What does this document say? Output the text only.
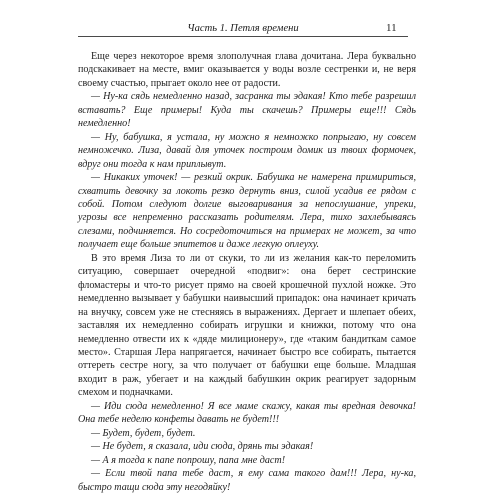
Часть 1. Петля времени	11

Еще через некоторое время злополучная глава дочитана. Лера буквально подскакивает на месте, вмиг оказывается у воды возле сестренки и, не веря своему счастью, прыгает около нее от радости.

— Ну-ка сядь немедленно назад, засранка ты эдакая! Кто тебе разрешил вставать? Еще примеры! Куда ты скачешь? Примеры еще!!! Сядь немедленно!

— Ну, бабушка, я устала, ну можно я немножко попрыгаю, ну совсем немножечко. Лиза, давай для уточек построим домик из твоих формочек, вдруг они тогда к нам приплывут.

— Никаких уточек! — резкий окрик. Бабушка не намерена примириться, схватить девочку за локоть резко дернуть вниз, силой усадив ее рядом с собой. Потом следуют долгие выговаривания за непослушание, упреки, угрозы все непременно рассказать родителям. Лера, тихо захлебываясь слезами, подчиняется. Но сосредоточиться на примерах не может, за что получает еще больше эпитетов и даже легкую оплеуху.

В это время Лиза то ли от скуки, то ли из желания как-то переломить ситуацию, совершает очередной «подвиг»: она берет сестринские фломастеры и что-то рисует прямо на своей крошечной пухлой ножке. Это немедленно вызывает у бабушки наивысший припадок: она начинает кричать на внучку, совсем уже не стесняясь в выражениях. Дергает и шлепает обеих, заставляя их немедленно собирать игрушки и книжки, потому что она немедленно отвести их к «дяде милиционеру», где «таким бандиткам самое место». Старшая Лера напрягается, начинает быстро все собирать, пытается оттереть сестре ногу, за что получает от бабушки еще больше. Младшая входит в раж, убегает и на каждый бабушкин окрик реагирует задорным смехом и подначками.

— Иди сюда немедленно! Я все маме скажу, какая ты вредная девочка! Она тебе неделю конфеты давать не будет!!!

— Будет, будет, будет.

— Не будет, я сказала, иди сюда, дрянь ты эдакая!

— А я тогда к папе попрошу, папа мне даст!

— Если твой папа тебе даст, я ему сама такого дам!!! Лера, ну-ка, быстро тащи сюда эту негодяйку!
